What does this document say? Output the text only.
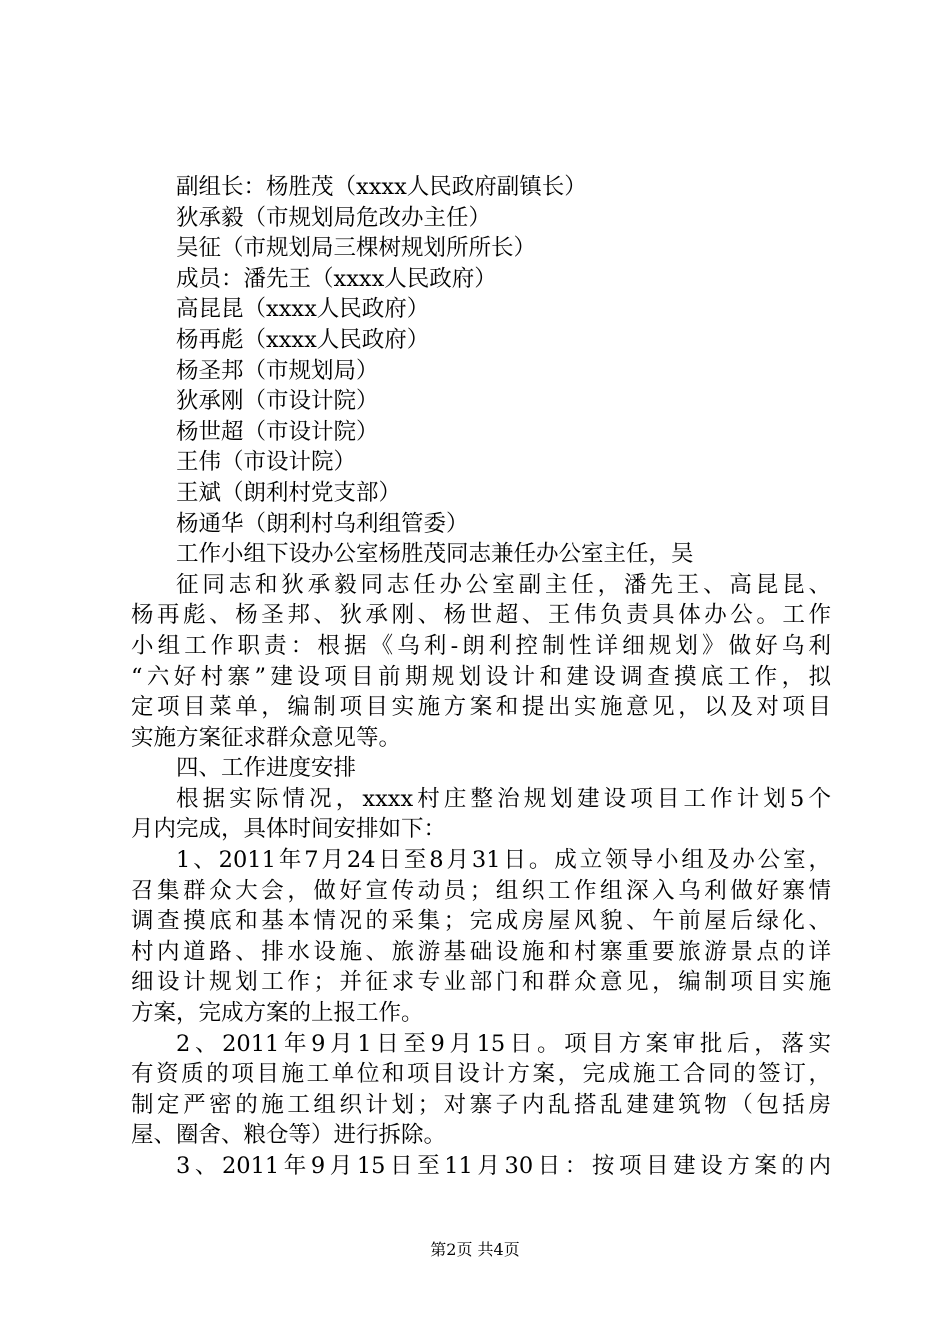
副组长：杨胜茂（xxxx人民政府副镇长）

狄承毅（市规划局危改办主任）

吴征（市规划局三棵树规划所所长）

成员：潘先王（xxxx人民政府）

高昆昆（xxxx人民政府）

杨再彪（xxxx人民政府）

杨圣邦（市规划局）

狄承刚（市设计院）

杨世超（市设计院）

王伟（市设计院）

王斌（朗利村党支部）

杨通华（朗利村乌利组管委）

工作小组下设办公室杨胜茂同志兼任办公室主任，吴

征同志和狄承毅同志任办公室副主任，潘先王、高昆昆、

杨再彪、杨圣邦、狄承刚、杨世超、王伟负责具体办公。工作

小组工作职责：根据《乌利-朗利控制性详细规划》做好乌利

“六好村寨”建设项目前期规划设计和建设调查摸底工作，拟

定项目菜单，编制项目实施方案和提出实施意见，以及对项目

实施方案征求群众意见等。

四、工作进度安排

根据实际情况，xxxx村庄整治规划建设项目工作计划5个

月内完成，具体时间安排如下：

1、2011年7月24日至8月31日。成立领导小组及办公室，

召集群众大会，做好宣传动员；组织工作组深入乌利做好寨情

调查摸底和基本情况的采集；完成房屋风貌、午前屋后绿化、

村内道路、排水设施、旅游基础设施和村寨重要旅游景点的详

细设计规划工作；并征求专业部门和群众意见，编制项目实施

方案，完成方案的上报工作。

2、2011年9月1日至9月15日。项目方案审批后，落实

有资质的项目施工单位和项目设计方案，完成施工合同的签订，

制定严密的施工组织计划；对寨子内乱搭乱建建筑物（包括房

屋、圈舍、粮仓等）进行拆除。

3、2011年9月15日至11月30日：按项目建设方案的内

第2页 共4页
